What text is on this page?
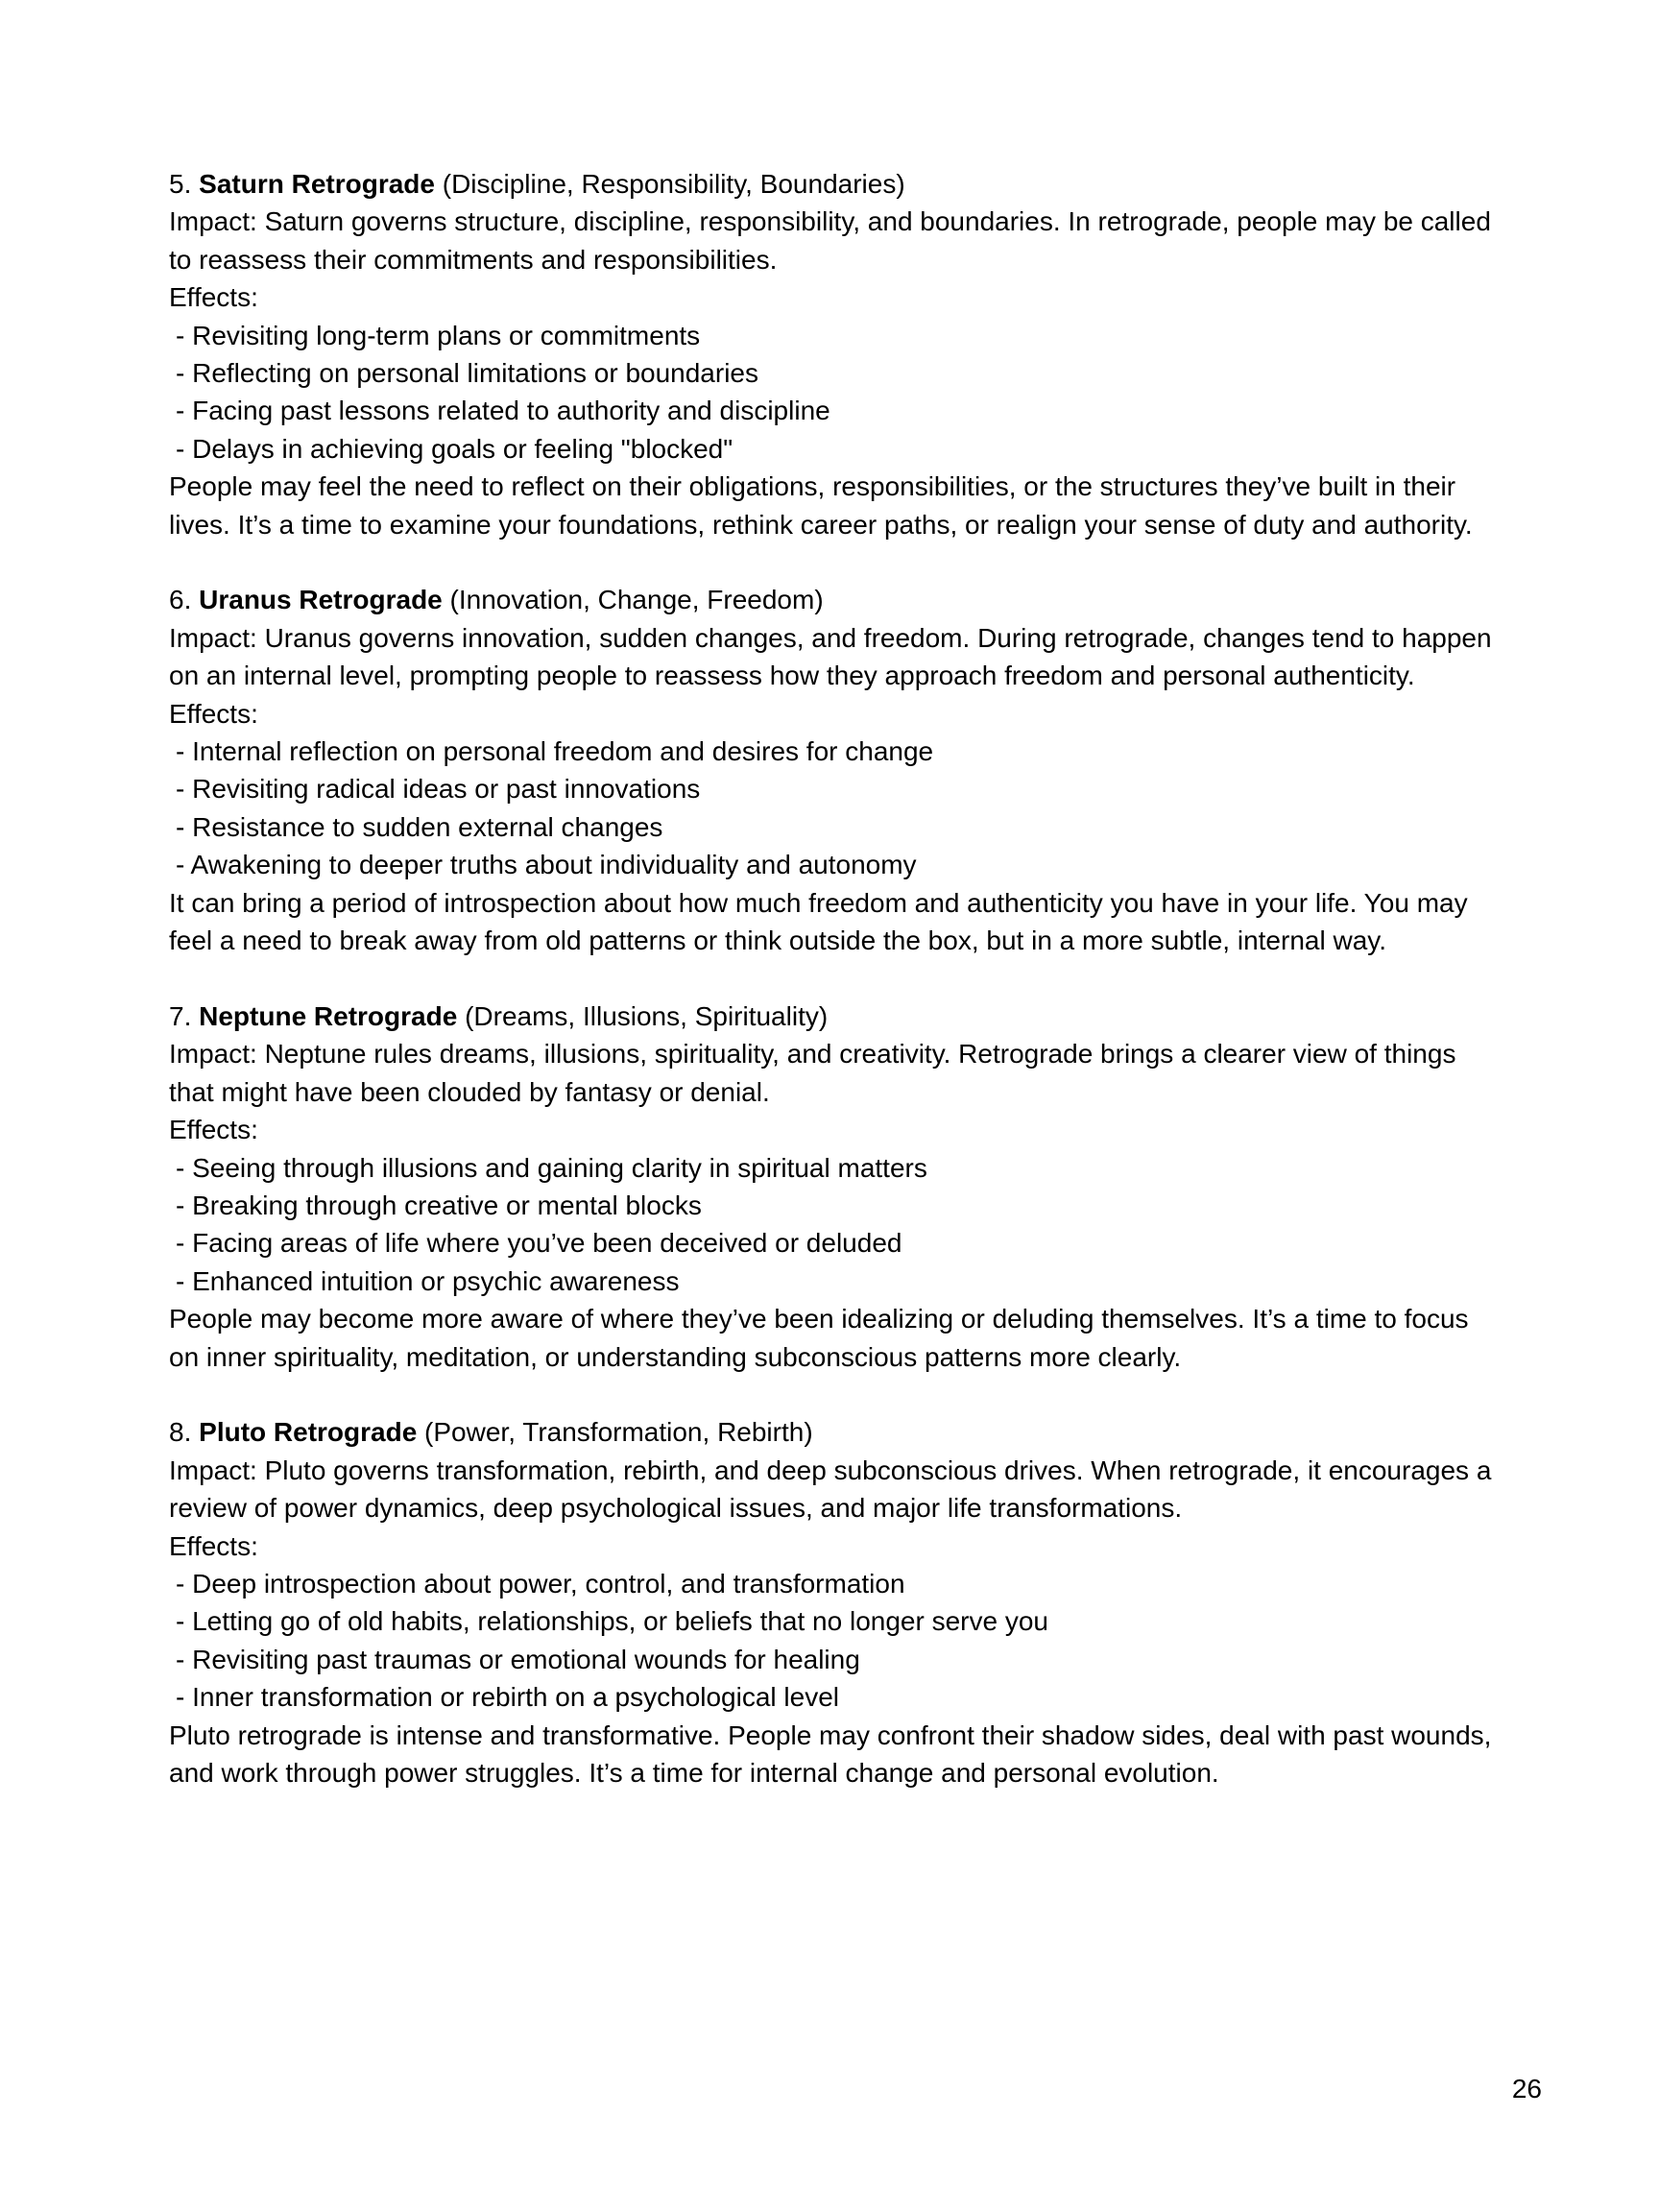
5. Saturn Retrograde (Discipline, Responsibility, Boundaries)
Impact: Saturn governs structure, discipline, responsibility, and boundaries. In retrograde, people may be called
to reassess their commitments and responsibilities.
Effects:
- Revisiting long-term plans or commitments
- Reflecting on personal limitations or boundaries
- Facing past lessons related to authority and discipline
- Delays in achieving goals or feeling "blocked"
People may feel the need to reflect on their obligations, responsibilities, or the structures they’ve built in their
lives. It’s a time to examine your foundations, rethink career paths, or realign your sense of duty and authority.
6. Uranus Retrograde (Innovation, Change, Freedom)
Impact: Uranus governs innovation, sudden changes, and freedom. During retrograde, changes tend to happen
on an internal level, prompting people to reassess how they approach freedom and personal authenticity.
Effects:
- Internal reflection on personal freedom and desires for change
- Revisiting radical ideas or past innovations
- Resistance to sudden external changes
- Awakening to deeper truths about individuality and autonomy
It can bring a period of introspection about how much freedom and authenticity you have in your life. You may
feel a need to break away from old patterns or think outside the box, but in a more subtle, internal way.
7. Neptune Retrograde (Dreams, Illusions, Spirituality)
Impact: Neptune rules dreams, illusions, spirituality, and creativity. Retrograde brings a clearer view of things
that might have been clouded by fantasy or denial.
Effects:
- Seeing through illusions and gaining clarity in spiritual matters
- Breaking through creative or mental blocks
- Facing areas of life where you’ve been deceived or deluded
- Enhanced intuition or psychic awareness
People may become more aware of where they’ve been idealizing or deluding themselves. It’s a time to focus
on inner spirituality, meditation, or understanding subconscious patterns more clearly.
8. Pluto Retrograde (Power, Transformation, Rebirth)
Impact: Pluto governs transformation, rebirth, and deep subconscious drives. When retrograde, it encourages a
review of power dynamics, deep psychological issues, and major life transformations.
Effects:
- Deep introspection about power, control, and transformation
- Letting go of old habits, relationships, or beliefs that no longer serve you
- Revisiting past traumas or emotional wounds for healing
- Inner transformation or rebirth on a psychological level
Pluto retrograde is intense and transformative. People may confront their shadow sides, deal with past wounds,
and work through power struggles. It’s a time for internal change and personal evolution.
26
